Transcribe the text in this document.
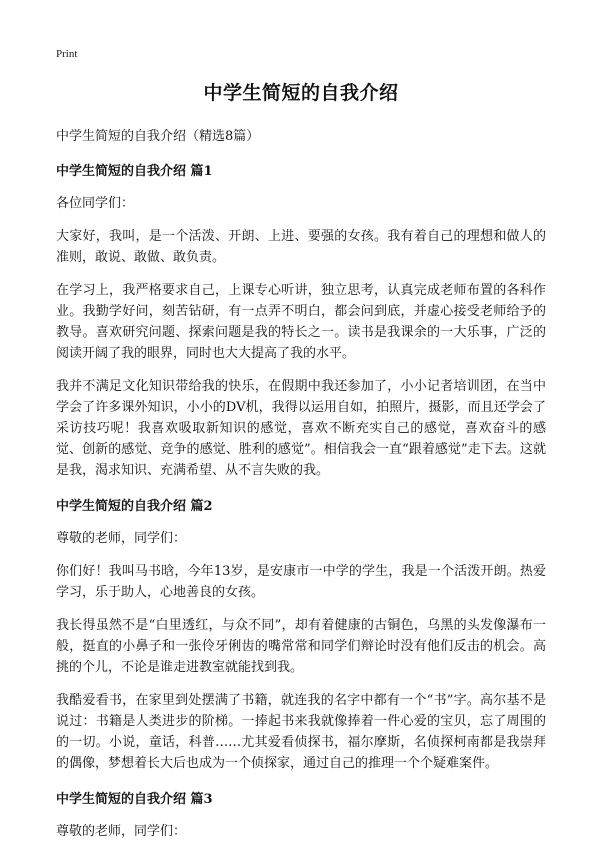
Print
中学生简短的自我介绍

中学生简短的自我介绍（精选8篇）

中学生简短的自我介绍 篇1

各位同学们：

大家好，我叫，是一个活泼、开朗、上进、要强的女孩。我有着自己的理想和做人的准则，敢说、敢做、敢负责。

在学习上，我严格要求自己，上课专心听讲，独立思考，认真完成老师布置的各科作业。我勤学好问，刻苦钻研，有一点弄不明白，都会问到底，并虚心接受老师给予的教导。喜欢研究问题、探索问题是我的特长之一。读书是我课余的一大乐事，广泛的阅读开阔了我的眼界，同时也大大提高了我的水平。

我并不满足文化知识带给我的快乐，在假期中我还参加了，小小记者培训团，在当中学会了许多课外知识，小小的DV机，我得以运用自如，拍照片，摄影，而且还学会了采访技巧呢！我喜欢吸取新知识的感觉，喜欢不断充实自己的感觉，喜欢奋斗的感觉、创新的感觉、竞争的感觉、胜利的感觉”。相信我会一直“跟着感觉”走下去。这就是我，渴求知识、充满希望、从不言失败的我。

中学生简短的自我介绍 篇2

尊敬的老师，同学们：

你们好！我叫马书晗，今年13岁，是安康市一中学的学生，我是一个活泼开朗。热爱学习，乐于助人，心地善良的女孩。

我长得虽然不是“白里透红，与众不同”，却有着健康的古铜色，乌黑的头发像瀑布一般，挺直的小鼻子和一张伶牙俐齿的嘴常常和同学们辩论时没有他们反击的机会。高挑的个儿，不论是谁走进教室就能找到我。

我酷爱看书，在家里到处摆满了书籍，就连我的名字中都有一个“书”字。高尔基不是说过：书籍是人类进步的阶梯。一捧起书来我就像捧着一件心爱的宝贝，忘了周围的的一切。小说，童话，科普……尤其爱看侦探书，福尔摩斯，名侦探柯南都是我崇拜的偶像，梦想着长大后也成为一个侦探家，通过自己的推理一个个疑难案件。

中学生简短的自我介绍 篇3

尊敬的老师，同学们：
